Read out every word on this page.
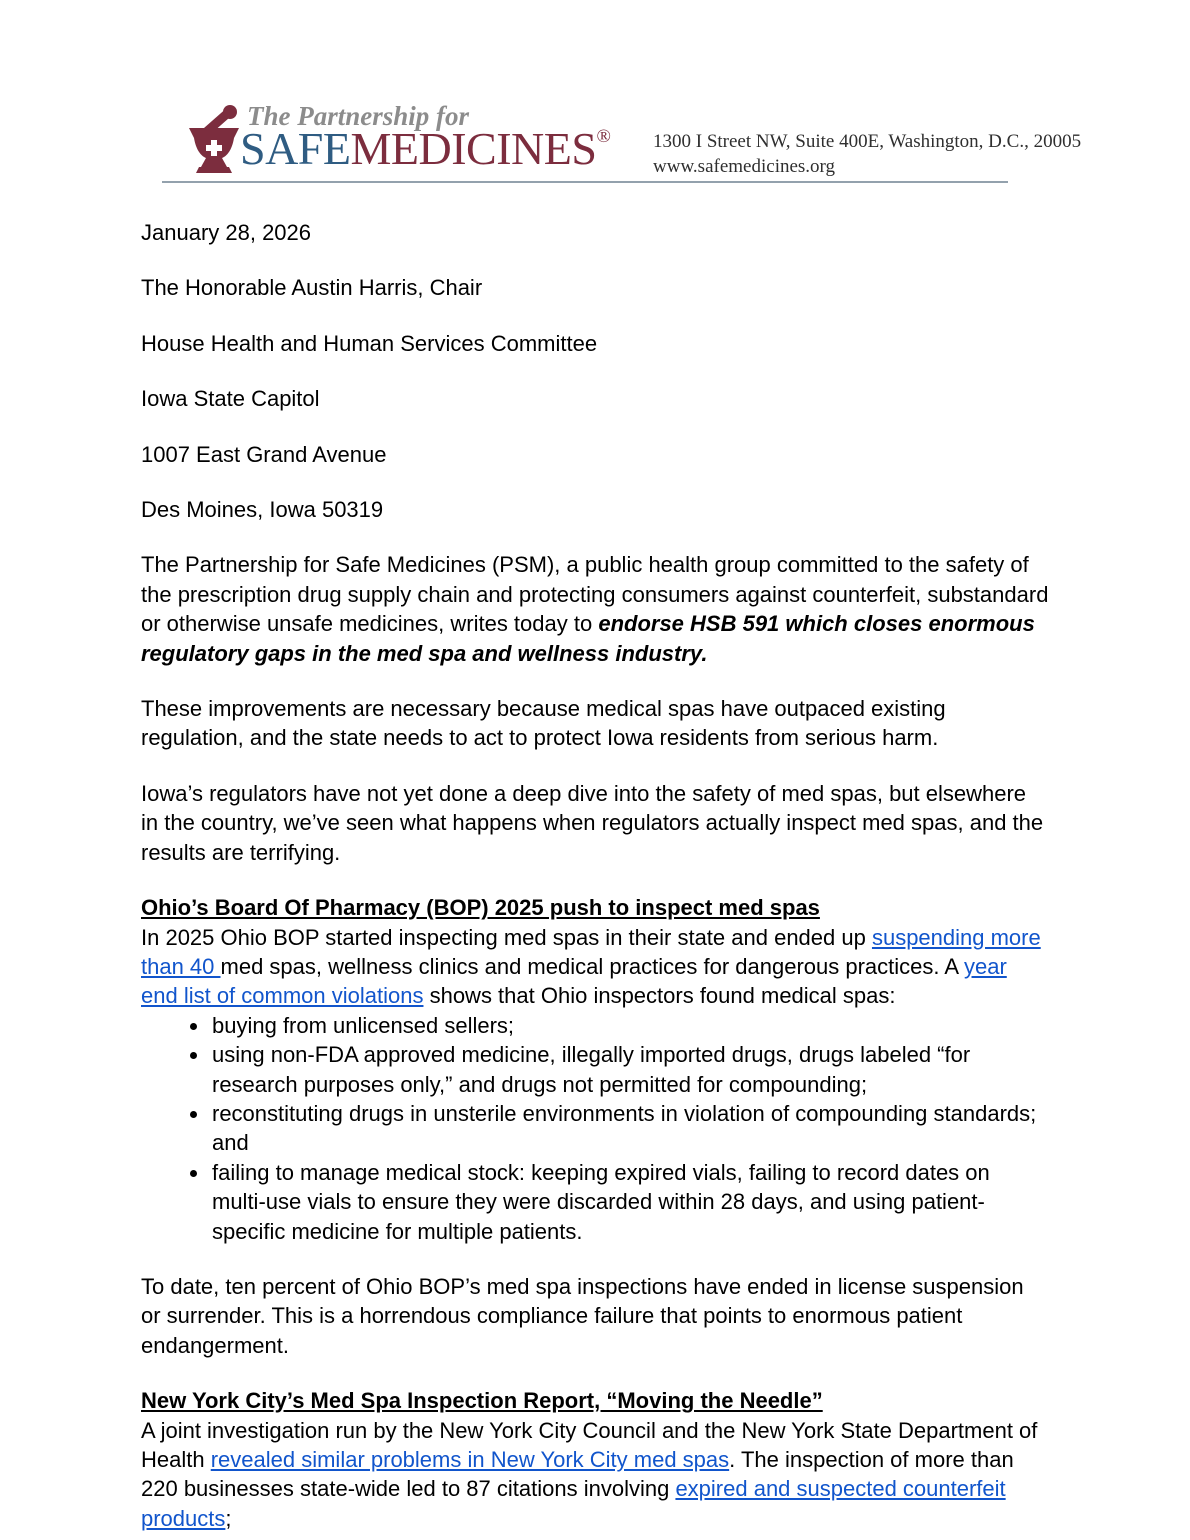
The Partnership for
SAFEMEDICINES® 1300 I Street NW, Suite 400E, Washington, D.C., 20005
www.safemedicines.org

January 28, 2026

The Honorable Austin Harris, Chair

House Health and Human Services Committee

Iowa State Capitol

1007 East Grand Avenue

Des Moines, Iowa 50319

The Partnership for Safe Medicines (PSM), a public health group committed to the safety of the prescription drug supply chain and protecting consumers against counterfeit, substandard or otherwise unsafe medicines, writes today to endorse HSB 591 which closes enormous regulatory gaps in the med spa and wellness industry.

These improvements are necessary because medical spas have outpaced existing regulation, and the state needs to act to protect Iowa residents from serious harm.

Iowa’s regulators have not yet done a deep dive into the safety of med spas, but elsewhere in the country, we’ve seen what happens when regulators actually inspect med spas, and the results are terrifying.

Ohio’s Board Of Pharmacy (BOP) 2025 push to inspect med spas

In 2025 Ohio BOP started inspecting med spas in their state and ended up suspending more than 40 med spas, wellness clinics and medical practices for dangerous practices. A year end list of common violations shows that Ohio inspectors found medical spas:

• buying from unlicensed sellers;
• using non-FDA approved medicine, illegally imported drugs, drugs labeled “for research purposes only,” and drugs not permitted for compounding;
• reconstituting drugs in unsterile environments in violation of compounding standards; and
• failing to manage medical stock: keeping expired vials, failing to record dates on multi-use vials to ensure they were discarded within 28 days, and using patient-specific medicine for multiple patients.

To date, ten percent of Ohio BOP’s med spa inspections have ended in license suspension or surrender. This is a horrendous compliance failure that points to enormous patient endangerment.

New York City’s Med Spa Inspection Report, “Moving the Needle”

A joint investigation run by the New York City Council and the New York State Department of Health revealed similar problems in New York City med spas. The inspection of more than 220 businesses state-wide led to 87 citations involving expired and suspected counterfeit products;
